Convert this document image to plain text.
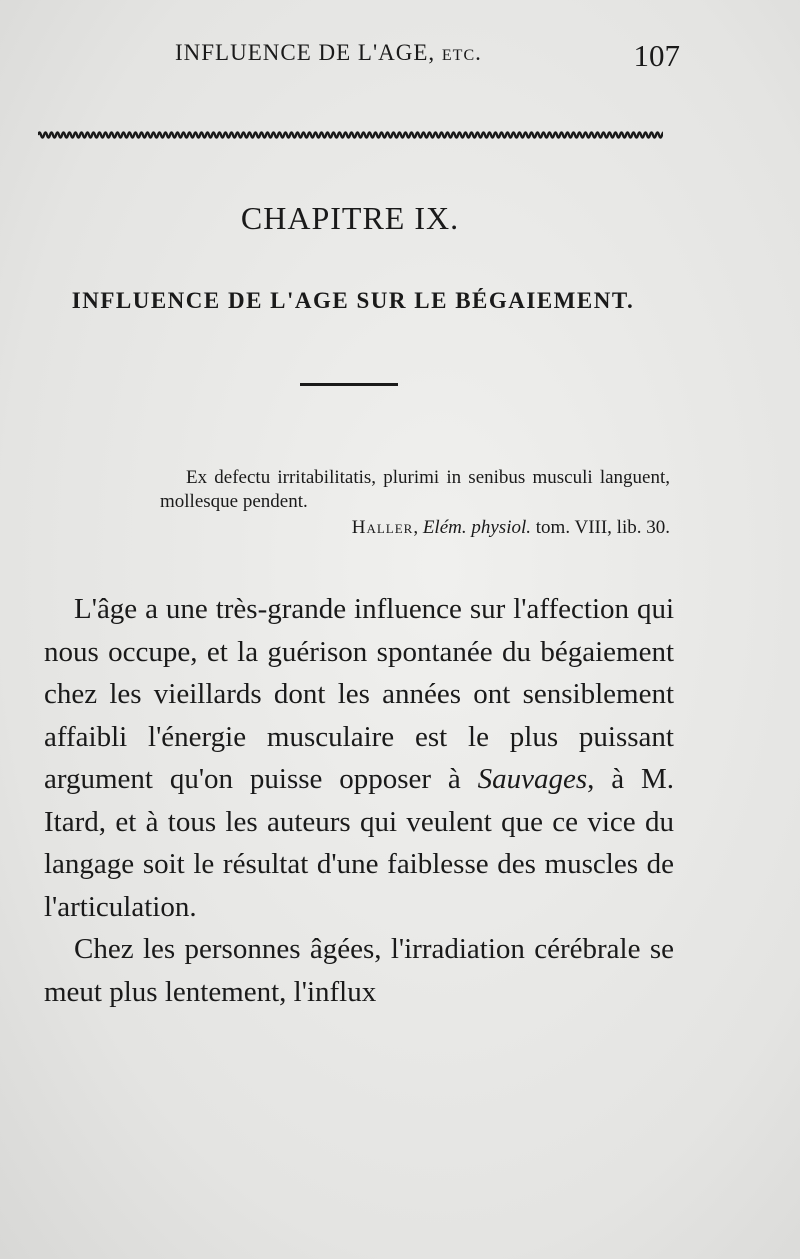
INFLUENCE DE L'AGE, etc.	107
CHAPITRE IX.
INFLUENCE DE L'AGE SUR LE BÉGAIEMENT.

Ex defectu irritabilitatis, plurimi in senibus musculi languent, mollesque pendent.

Haller, Elém. physiol. tom. VIII, lib. 30.

L'âge a une très-grande influence sur l'affection qui nous occupe, et la guérison spontanée du bégaiement chez les vieillards dont les années ont sensiblement affaibli l'énergie musculaire est le plus puissant argument qu'on puisse opposer à Sauvages, à M. Itard, et à tous les auteurs qui veulent que ce vice du langage soit le résultat d'une faiblesse des muscles de l'articulation.

Chez les personnes âgées, l'irradiation cérébrale se meut plus lentement, l'influx
